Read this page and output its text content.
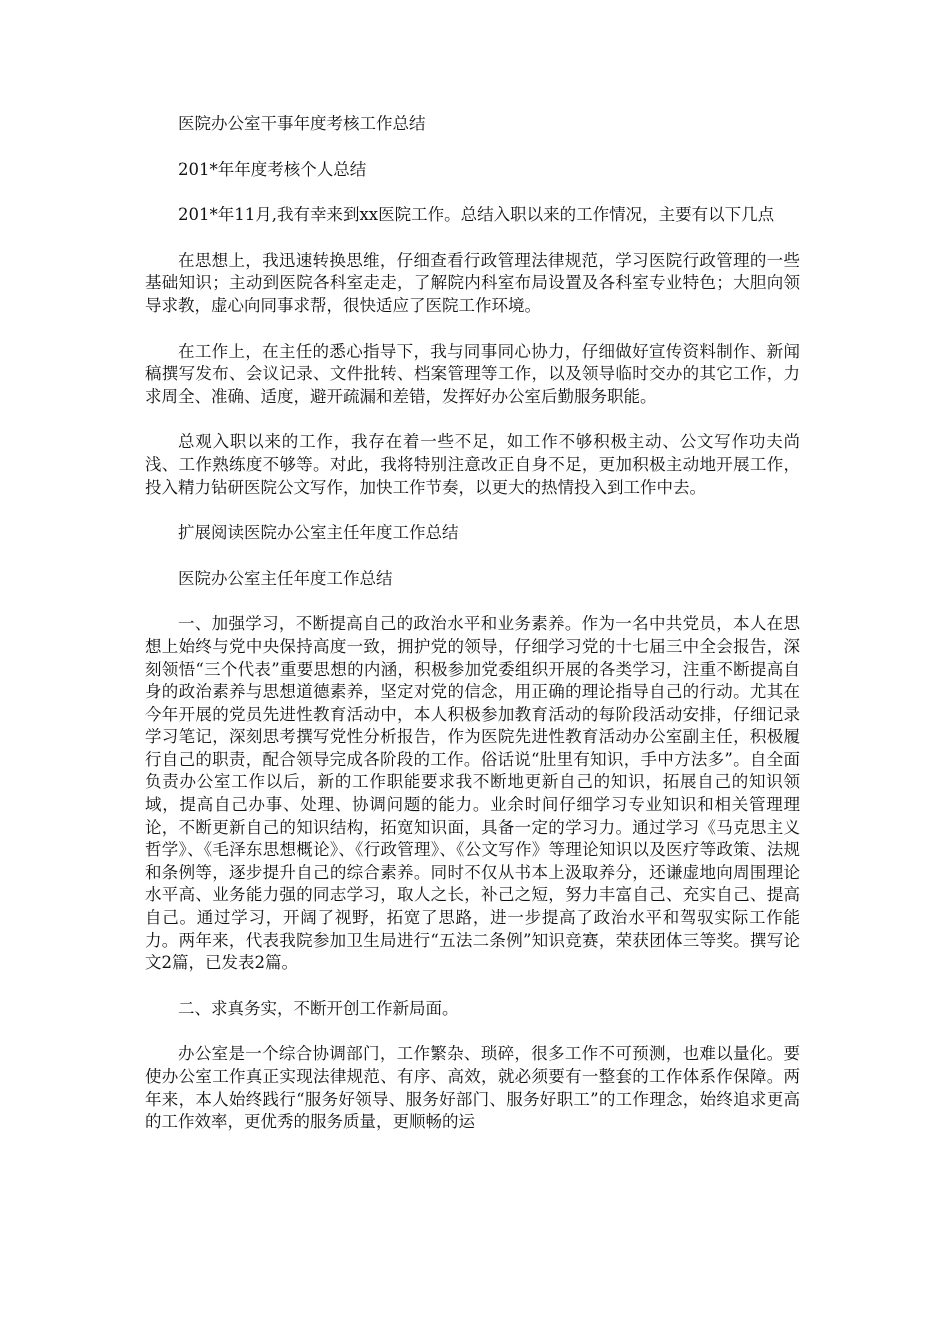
医院办公室干事年度考核工作总结

201*年年度考核个人总结

201*年11月,我有幸来到xx医院工作。总结入职以来的工作情况，主要有以下几点

在思想上，我迅速转换思维，仔细查看行政管理法律规范，学习医院行政管理的一些基础知识；主动到医院各科室走走，了解院内科室布局设置及各科室专业特色；大胆向领导求教，虚心向同事求帮，很快适应了医院工作环境。

在工作上，在主任的悉心指导下，我与同事同心协力，仔细做好宣传资料制作、新闻稿撰写发布、会议记录、文件批转、档案管理等工作，以及领导临时交办的其它工作，力求周全、准确、适度，避开疏漏和差错，发挥好办公室后勤服务职能。

总观入职以来的工作，我存在着一些不足，如工作不够积极主动、公文写作功夫尚浅、工作熟练度不够等。对此，我将特别注意改正自身不足，更加积极主动地开展工作，投入精力钻研医院公文写作，加快工作节奏，以更大的热情投入到工作中去。

扩展阅读医院办公室主任年度工作总结

医院办公室主任年度工作总结

一、加强学习，不断提高自己的政治水平和业务素养。作为一名中共党员，本人在思想上始终与党中央保持高度一致，拥护党的领导，仔细学习党的十七届三中全会报告，深刻领悟“三个代表”重要思想的内涵，积极参加党委组织开展的各类学习，注重不断提高自身的政治素养与思想道德素养，坚定对党的信念，用正确的理论指导自己的行动。尤其在今年开展的党员先进性教育活动中，本人积极参加教育活动的每阶段活动安排，仔细记录学习笔记，深刻思考撰写党性分析报告，作为医院先进性教育活动办公室副主任，积极履行自己的职责，配合领导完成各阶段的工作。俗话说“肚里有知识，手中方法多”。自全面负责办公室工作以后，新的工作职能要求我不断地更新自己的知识，拓展自己的知识领域，提高自己办事、处理、协调问题的能力。业余时间仔细学习专业知识和相关管理理论，不断更新自己的知识结构，拓宽知识面，具备一定的学习力。通过学习《马克思主义哲学》、《毛泽东思想概论》、《行政管理》、《公文写作》等理论知识以及医疗等政策、法规和条例等，逐步提升自己的综合素养。同时不仅从书本上汲取养分，还谦虚地向周围理论水平高、业务能力强的同志学习，取人之长，补己之短，努力丰富自己、充实自己、提高自己。通过学习，开阔了视野，拓宽了思路，进一步提高了政治水平和驾驭实际工作能力。两年来，代表我院参加卫生局进行“五法二条例”知识竞赛，荣获团体三等奖。撰写论文2篇，已发表2篇。

二、求真务实，不断开创工作新局面。

办公室是一个综合协调部门，工作繁杂、琐碎，很多工作不可预测，也难以量化。要使办公室工作真正实现法律规范、有序、高效，就必须要有一整套的工作体系作保障。两年来，本人始终践行“服务好领导、服务好部门、服务好职工”的工作理念，始终追求更高的工作效率，更优秀的服务质量，更顺畅的运
